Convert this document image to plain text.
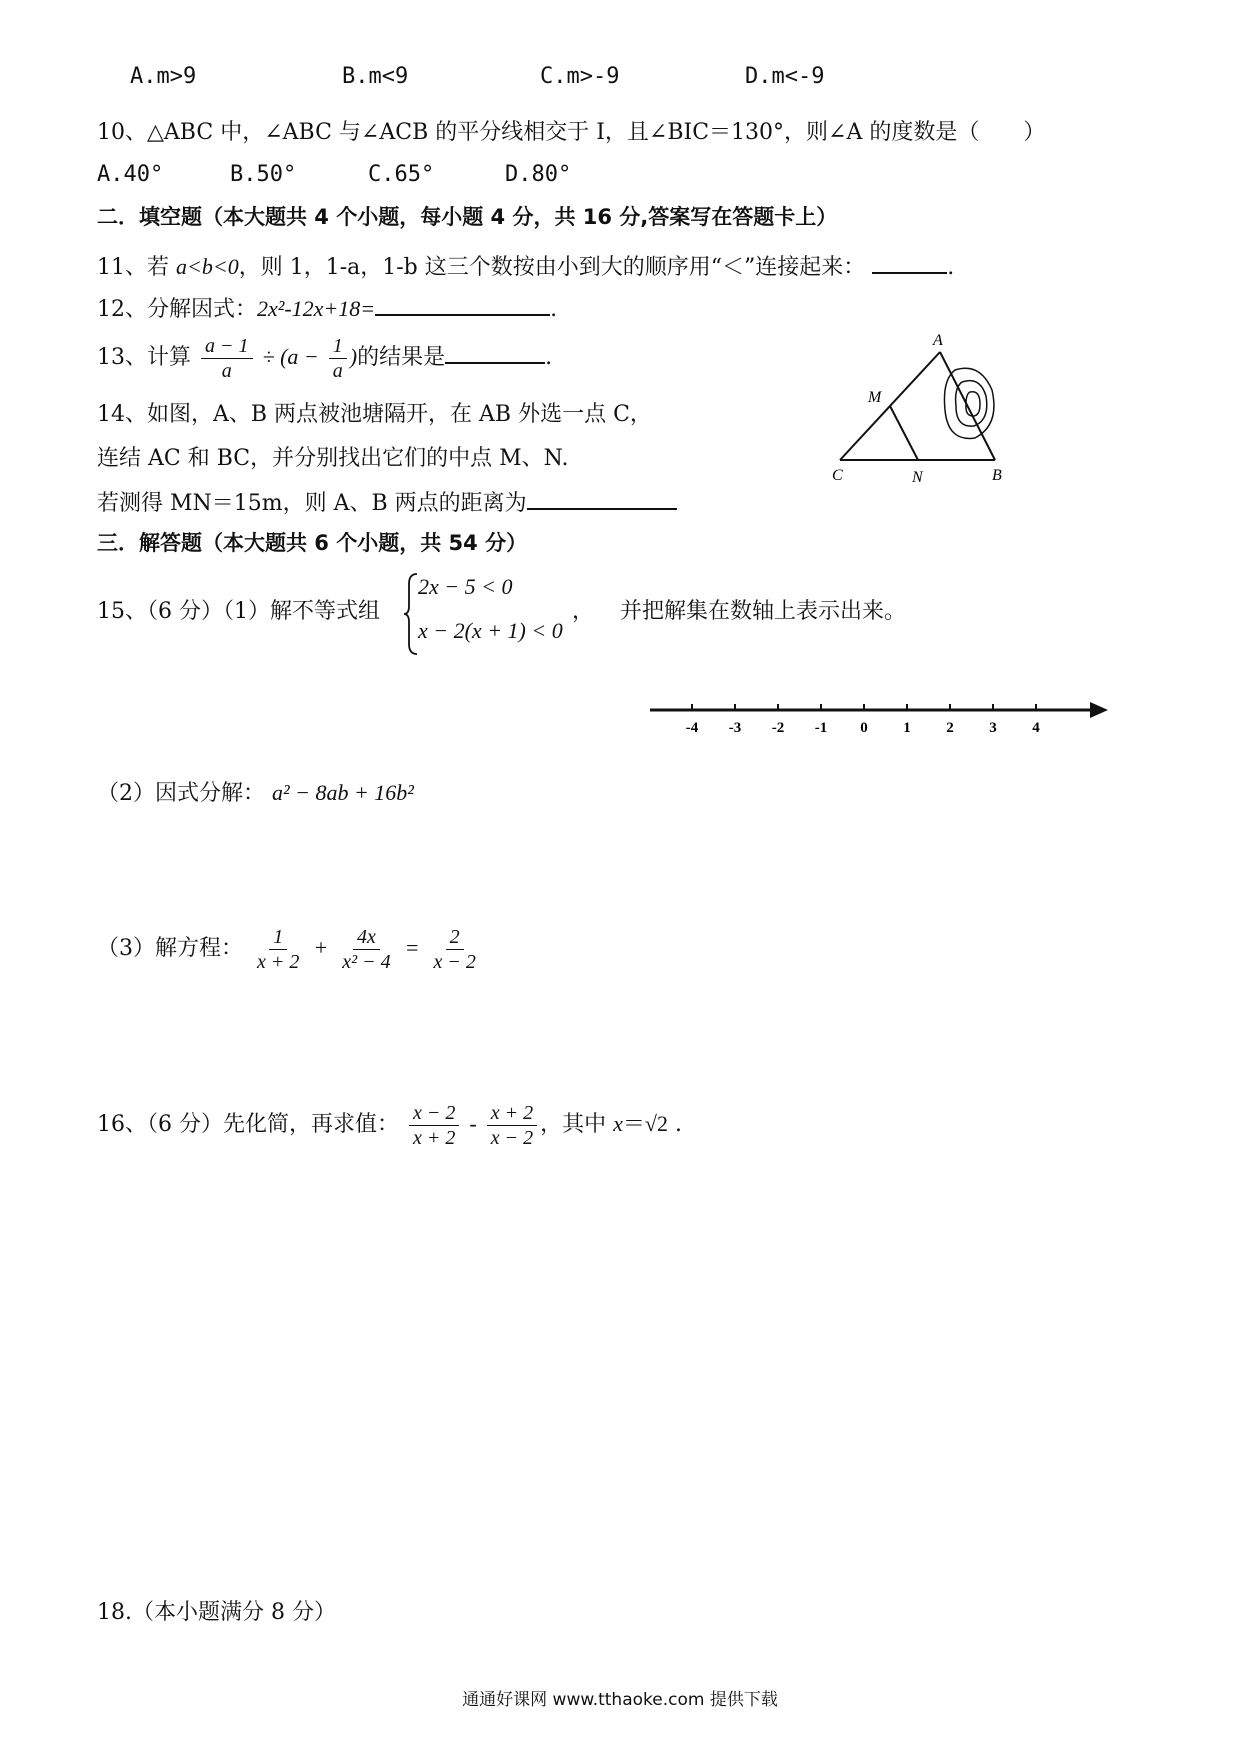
A.m>9	B.m<9	C.m>-9	D.m<-9
10、△ABC 中，∠ABC 与∠ACB 的平分线相交于 I，且∠BIC＝130°，则∠A 的度数是（　　）
A.40°	B.50°	C.65°	D.80°
二．填空题（本大题共 4 个小题，每小题 4 分，共 16 分,答案写在答题卡上）
11、若 a<b<0，则 1，1-a，1-b 这三个数按由小到大的顺序用“＜”连接起来：	.
12、分解因式：2x²-12x+18=	.
13、计算 $\frac{a - 1}{a} \div (a - \frac{1}{a}$ )的结果是	.
14、如图，A、B 两点被池塘隔开，在 AB 外选一点 C，
连结 AC 和 BC，并分别找出它们的中点 M、N.
若测得 MN＝15m，则 A、B 两点的距离为
A
M
C	N	B
三．解答题（本大题共 6 个小题，共 54 分）
15、（6 分）（1）解不等式组
2x − 5 < 0
x − 2(x + 1) < 0
， 并把解集在数轴上表示出来。
-4 -3 -2 -1 0 1 2 3 4
（2）因式分解： a² − 8ab + 16b²
（3）解方程： $\frac{1}{x + 2} + \frac{4x}{\text{x² − 4}} = \frac{2}{x - 2}$
16、（6 分）先化简，再求值： $\frac{x - 2}{x + 2} - \frac{x + 2}{x - 2}$ ，其中 x＝√2 .
18.（本小题满分 8 分）
通通好课网 www.tthaoke.com 提供下载
